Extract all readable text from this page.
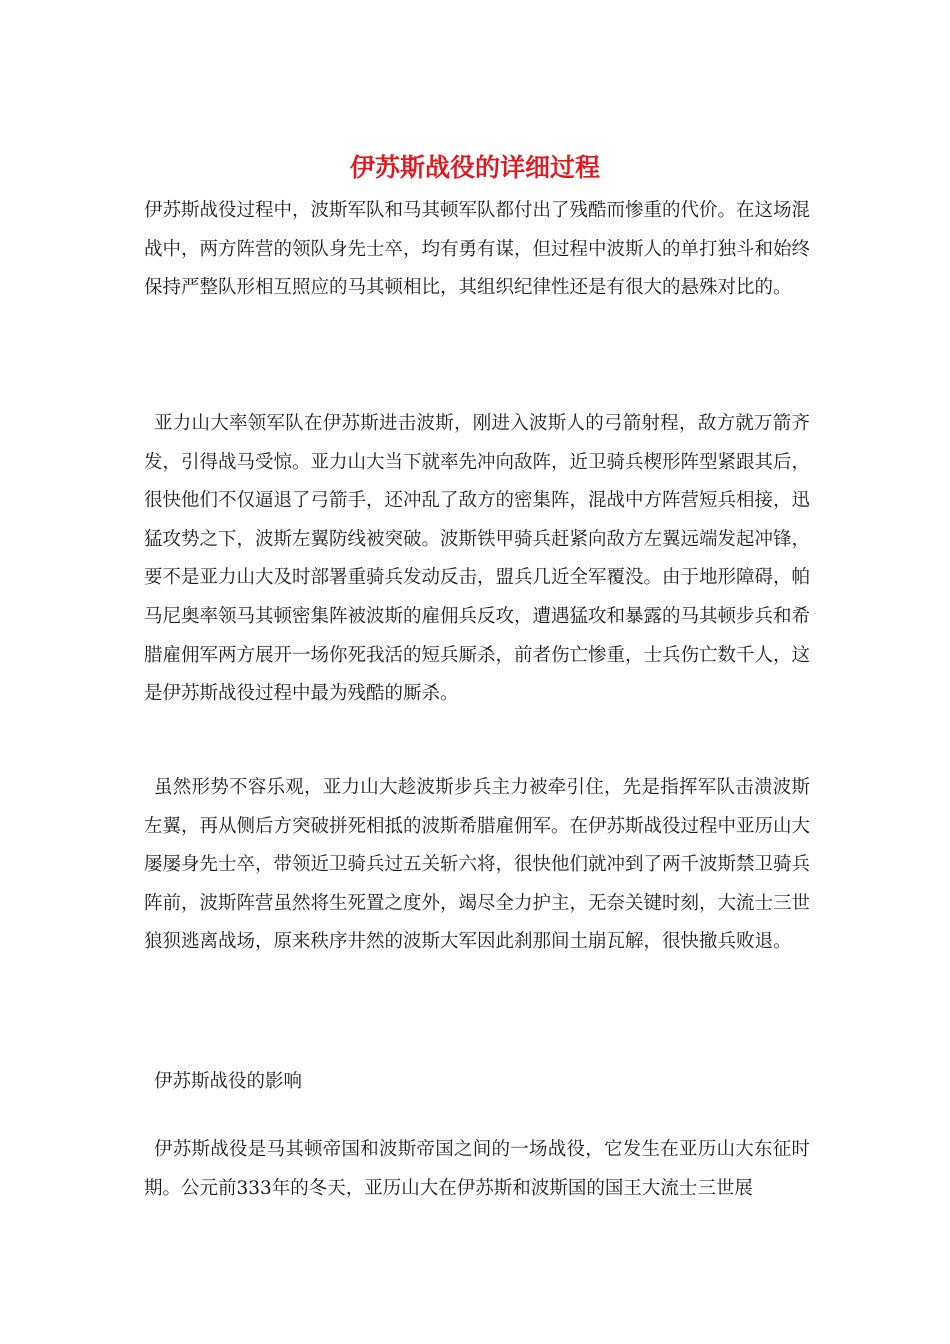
伊苏斯战役的详细过程

伊苏斯战役过程中，波斯军队和马其顿军队都付出了残酷而惨重的代价。在这场混战中，两方阵营的领队身先士卒，均有勇有谋，但过程中波斯人的单打独斗和始终保持严整队形相互照应的马其顿相比，其组织纪律性还是有很大的悬殊对比的。

亚力山大率领军队在伊苏斯进击波斯，刚进入波斯人的弓箭射程，敌方就万箭齐发，引得战马受惊。亚力山大当下就率先冲向敌阵，近卫骑兵楔形阵型紧跟其后，很快他们不仅逼退了弓箭手，还冲乱了敌方的密集阵，混战中方阵营短兵相接，迅猛攻势之下，波斯左翼防线被突破。波斯铁甲骑兵赶紧向敌方左翼远端发起冲锋，要不是亚力山大及时部署重骑兵发动反击，盟兵几近全军覆没。由于地形障碍，帕马尼奥率领马其顿密集阵被波斯的雇佣兵反攻，遭遇猛攻和暴露的马其顿步兵和希腊雇佣军两方展开一场你死我活的短兵厮杀，前者伤亡惨重，士兵伤亡数千人，这是伊苏斯战役过程中最为残酷的厮杀。

虽然形势不容乐观，亚力山大趁波斯步兵主力被牵引住，先是指挥军队击溃波斯左翼，再从侧后方突破拼死相抵的波斯希腊雇佣军。在伊苏斯战役过程中亚历山大屡屡身先士卒，带领近卫骑兵过五关斩六将，很快他们就冲到了两千波斯禁卫骑兵阵前，波斯阵营虽然将生死置之度外，竭尽全力护主，无奈关键时刻，大流士三世狼狈逃离战场，原来秩序井然的波斯大军因此刹那间土崩瓦解，很快撤兵败退。

伊苏斯战役的影响

伊苏斯战役是马其顿帝国和波斯帝国之间的一场战役，它发生在亚历山大东征时期。公元前333年的冬天，亚历山大在伊苏斯和波斯国的国王大流士三世展
